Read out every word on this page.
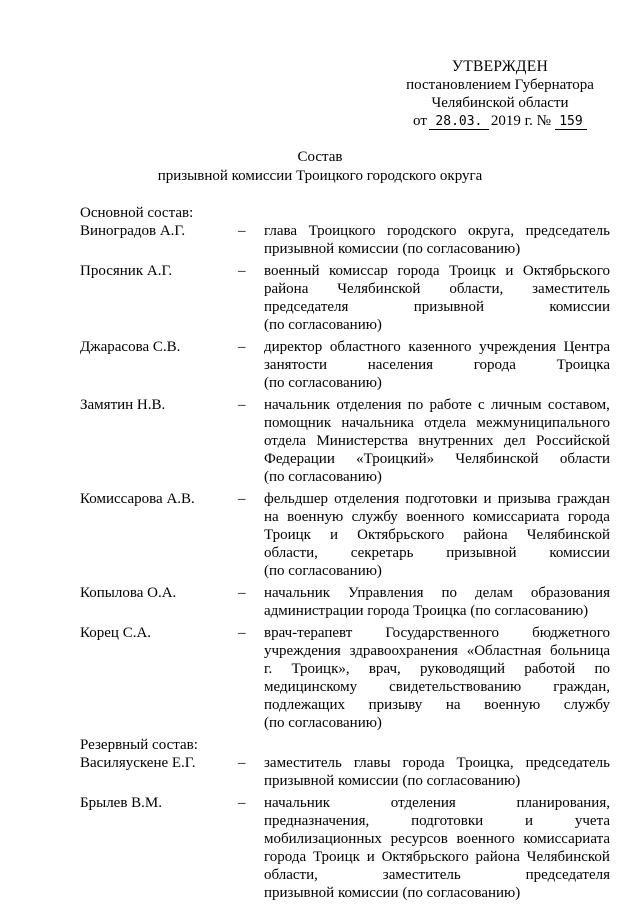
УТВЕРЖДЕН
постановлением Губернатора
Челябинской области
от 28.03. 2019 г. № 159
Состав
призывной комиссии Троицкого городского округа
Основной состав:
Виноградов А.Г.	–	глава Троицкого городского округа, председатель
призывной комиссии (по согласованию)
Просяник А.Г.	–	военный комиссар города Троицк и Октябрьского
района Челябинской области, заместитель
председателя	призывной	комиссии
(по согласованию)
Джарасова С.В.	–	директор областного казенного учреждения Центра
занятости	населения	города	Троицка
(по согласованию)
Замятин Н.В.	–	начальник отделения по работе с личным составом,
помощник начальника отдела межмуниципального
отдела Министерства внутренних дел Российской
Федерации «Троицкий» Челябинской области
(по согласованию)
Комиссарова А.В.	–	фельдшер отделения подготовки и призыва граждан
на военную службу военного комиссариата города
Троицк и Октябрьского района Челябинской
области, секретарь призывной комиссии
(по согласованию)
Копылова О.А.	–	начальник Управления по делам образования
администрации города Троицка (по согласованию)
Корец С.А.	–	врач-терапевт Государственного бюджетного
учреждения здравоохранения «Областная больница
г. Троицк», врач, руководящий работой по
медицинскому свидетельствованию граждан,
подлежащих призыву на военную службу
(по согласованию)
Резервный состав:
Василяускене Е.Г.	–	заместитель главы города Троицка, председатель
призывной комиссии (по согласованию)
Брылев В.М.	–	начальник	отделения	планирования,
предназначения,	подготовки	и	учета
мобилизационных ресурсов военного комиссариата
города Троицк и Октябрьского района Челябинской
области,	заместитель	председателя
призывной комиссии (по согласованию)
